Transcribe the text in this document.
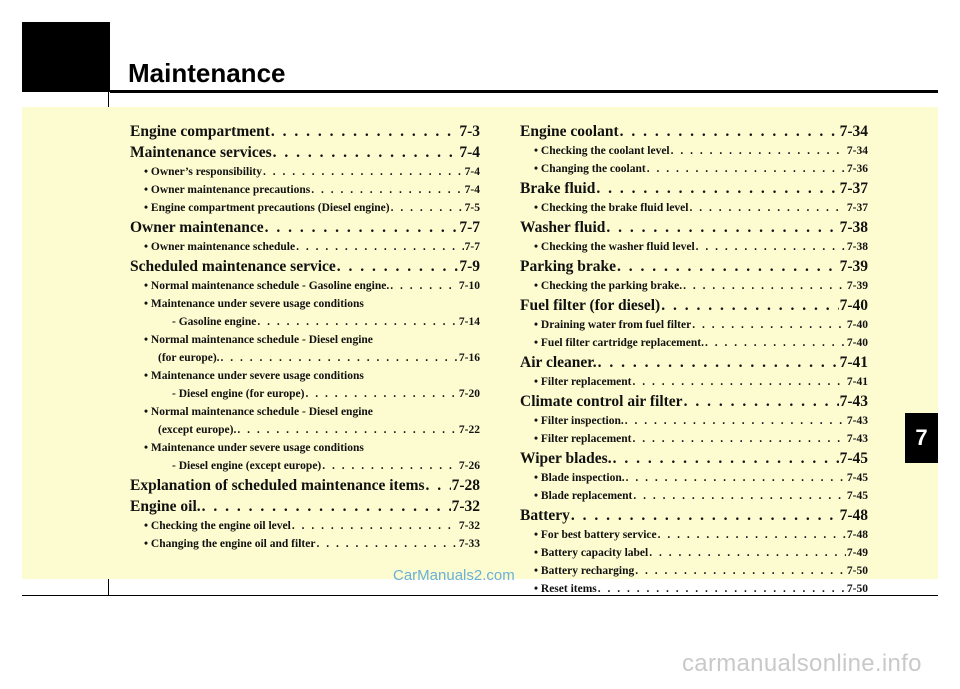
Maintenance
7
Engine compartment . . .	7-3
Maintenance services . . .	7-4
• Owner’s responsibility . . .	7-4
• Owner maintenance precautions . . .	7-4
• Engine compartment precautions (Diesel engine) . . .	7-5
Owner maintenance . . .	7-7
• Owner maintenance schedule . . .	7-7
Scheduled maintenance service . . .	7-9
• Normal maintenance schedule - Gasoline engine. . . .	7-10
• Maintenance under severe usage conditions
- Gasoline engine . . .	7-14
• Normal maintenance schedule - Diesel engine
(for europe). . . .	7-16
• Maintenance under severe usage conditions
- Diesel engine (for europe) . . .	7-20
• Normal maintenance schedule - Diesel engine
(except europe). . . .	7-22
• Maintenance under severe usage conditions
- Diesel engine (except europe) . . .	7-26
Explanation of scheduled maintenance items . . . 7-28
Engine oil. . . .	7-32
• Checking the engine oil level . . .	7-32
• Changing the engine oil and filter . . .	7-33
Engine coolant . . .	7-34
• Checking the coolant level . . .	7-34
• Changing the coolant . . .	7-36
Brake fluid . . .	7-37
• Checking the brake fluid level . . .	7-37
Washer fluid . . .	7-38
• Checking the washer fluid level . . .	7-38
Parking brake . . .	7-39
• Checking the parking brake. . . .	7-39
Fuel filter (for diesel) . . .	7-40
• Draining water from fuel filter . . .	7-40
• Fuel filter cartridge replacement. . . .	7-40
Air cleaner. . . .	7-41
• Filter replacement . . .	7-41
Climate control air filter . . .	7-43
• Filter inspection. . . .	7-43
• Filter replacement . . .	7-43
Wiper blades. . . .	7-45
• Blade inspection. . . .	7-45
• Blade replacement . . .	7-45
Battery . . .	7-48
• For best battery service . . .	7-48
• Battery capacity label . . .	7-49
• Battery recharging . . .	7-50
• Reset items . . .	7-50
CarManuals2.com
carmanualsonline.info
